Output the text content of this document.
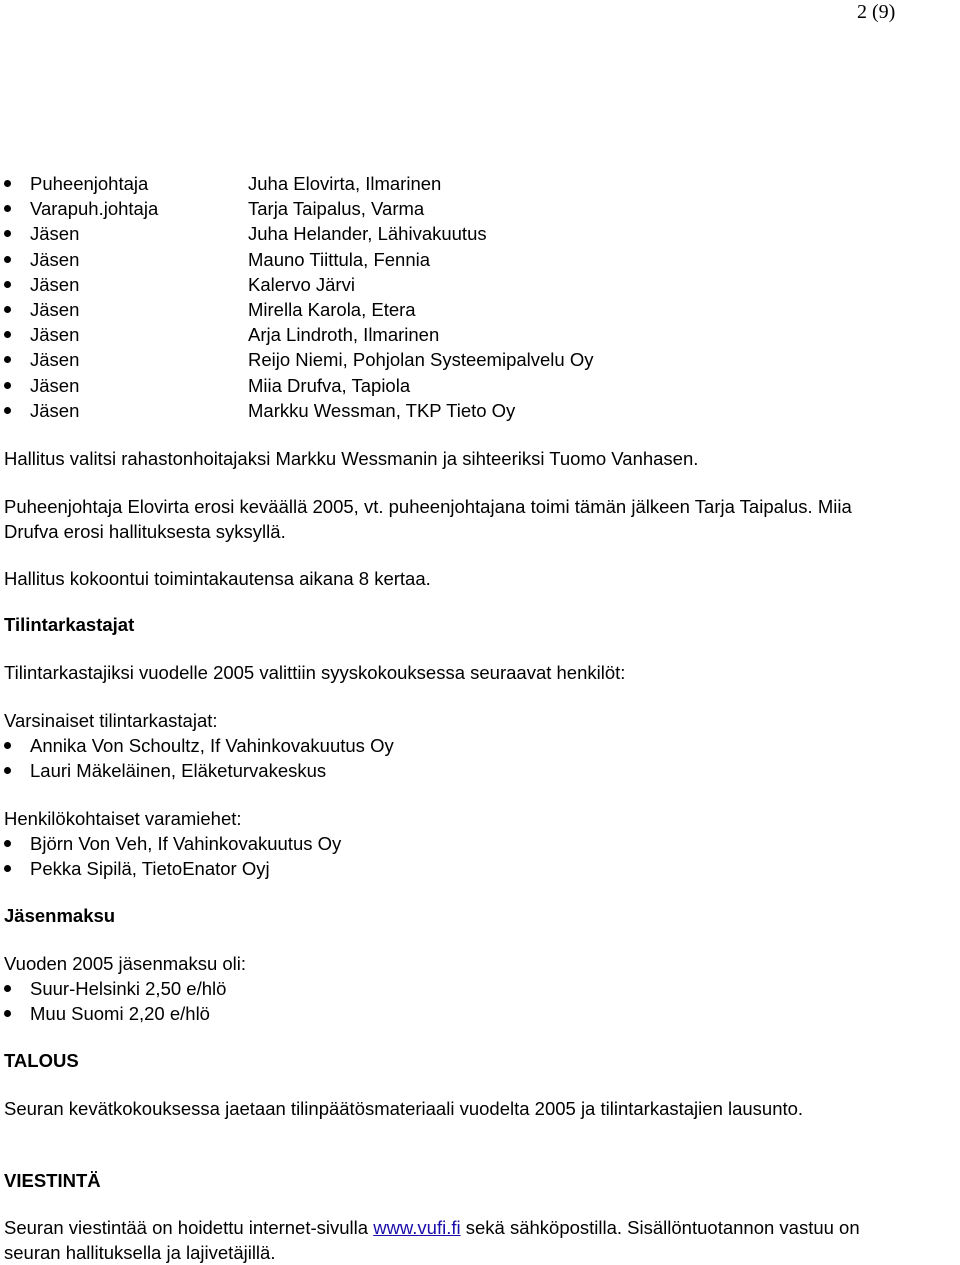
2 (9)
Puheenjohtaja	Juha Elovirta, Ilmarinen
Varapuh.johtaja	Tarja Taipalus, Varma
Jäsen	Juha Helander, Lähivakuutus
Jäsen	Mauno Tiittula, Fennia
Jäsen	Kalervo Järvi
Jäsen	Mirella Karola, Etera
Jäsen	Arja Lindroth, Ilmarinen
Jäsen	Reijo Niemi, Pohjolan Systeemipalvelu Oy
Jäsen	Miia Drufva, Tapiola
Jäsen	Markku Wessman, TKP Tieto Oy
Hallitus valitsi rahastonhoitajaksi Markku Wessmanin ja sihteeriksi Tuomo Vanhasen.
Puheenjohtaja Elovirta erosi keväällä 2005, vt. puheenjohtajana toimi tämän jälkeen Tarja Taipalus. Miia
Drufva erosi hallituksesta syksyllä.
Hallitus kokoontui toimintakautensa aikana 8 kertaa.
Tilintarkastajat
Tilintarkastajiksi vuodelle 2005 valittiin syyskokouksessa seuraavat henkilöt:
Varsinaiset tilintarkastajat:
Annika Von Schoultz, If Vahinkovakuutus Oy
Lauri Mäkeläinen, Eläketurvakeskus
Henkilökohtaiset varamiehet:
Björn Von Veh, If Vahinkovakuutus Oy
Pekka Sipilä, TietoEnator Oyj
Jäsenmaksu
Vuoden 2005 jäsenmaksu oli:
Suur-Helsinki 2,50 e/hlö
Muu Suomi 2,20 e/hlö
TALOUS
Seuran kevätkokouksessa jaetaan tilinpäätösmateriaali vuodelta 2005 ja tilintarkastajien lausunto.
VIESTINTÄ
Seuran viestintää on hoidettu internet-sivulla www.vufi.fi sekä sähköpostilla. Sisällöntuotannon vastuu on
seuran hallituksella ja lajivetäjillä.
